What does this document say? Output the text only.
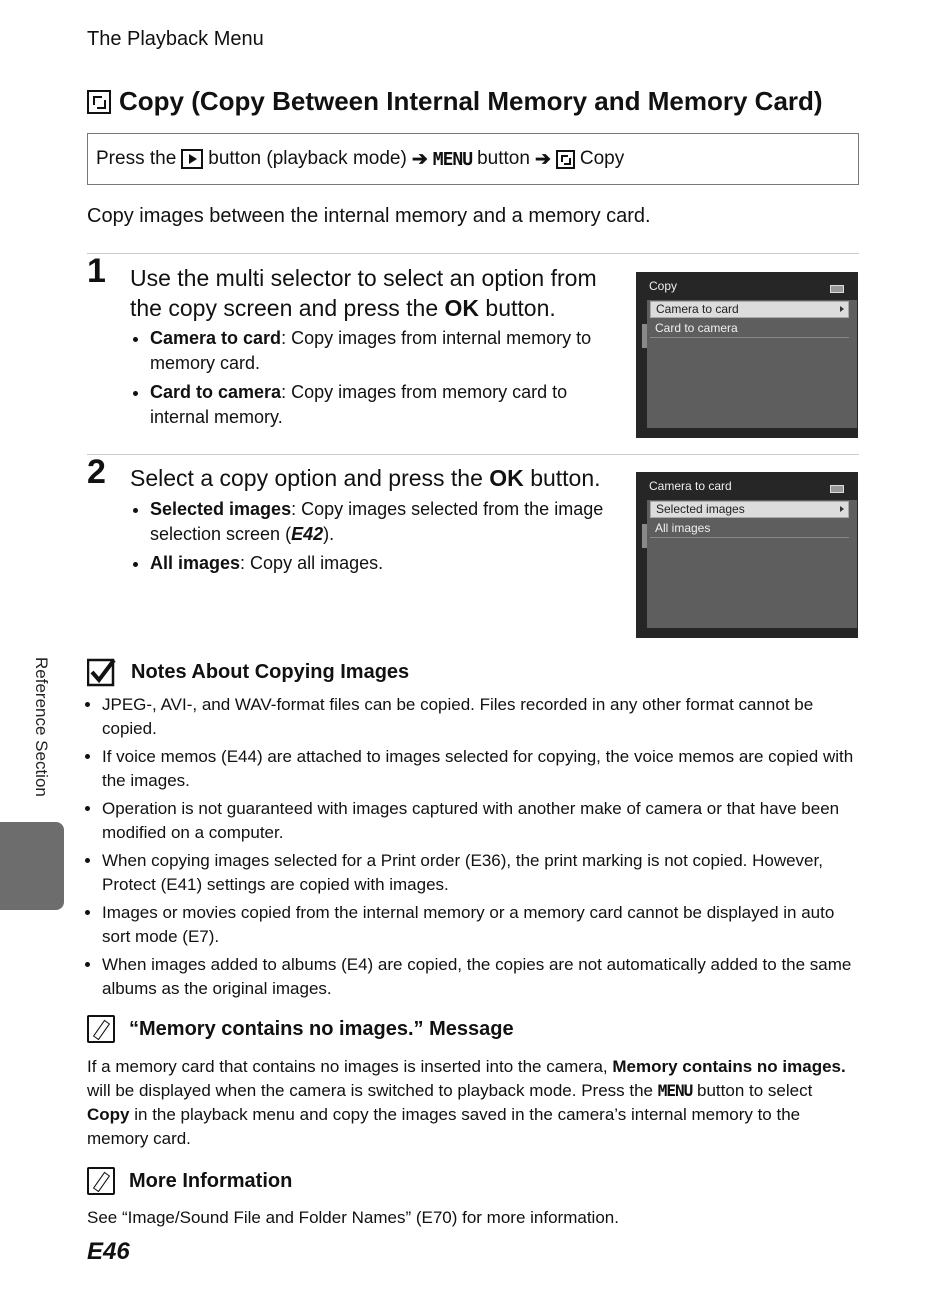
The Playback Menu
Copy (Copy Between Internal Memory and Memory Card)
Press the button (playback mode) ➔ MENU button ➔ Copy
Copy images between the internal memory and a memory card.
1 Use the multi selector to select an option from the copy screen and press the OK button.
• Camera to card: Copy images from internal memory to memory card.
• Card to camera: Copy images from memory card to internal memory.
Copy
Camera to card
Card to camera
2 Select a copy option and press the OK button.
• Selected images: Copy images selected from the image selection screen (E42).
• All images: Copy all images.
Camera to card
Selected images
All images
Reference Section	Notes About Copying Images
• JPEG-, AVI-, and WAV-format files can be copied. Files recorded in any other format cannot be copied.
• If voice memos (E44) are attached to images selected for copying, the voice memos are copied with the images.
• Operation is not guaranteed with images captured with another make of camera or that have been modified on a computer.
• When copying images selected for a Print order (E36), the print marking is not copied. However, Protect (E41) settings are copied with images.
• Images or movies copied from the internal memory or a memory card cannot be displayed in auto sort mode (E7).
• When images added to albums (E4) are copied, the copies are not automatically added to the same albums as the original images.
“Memory contains no images.” Message
If a memory card that contains no images is inserted into the camera, Memory contains no images. will be displayed when the camera is switched to playback mode. Press the MENU button to select Copy in the playback menu and copy the images saved in the camera’s internal memory to the memory card.
More Information
See “Image/Sound File and Folder Names” (E70) for more information.
E46
